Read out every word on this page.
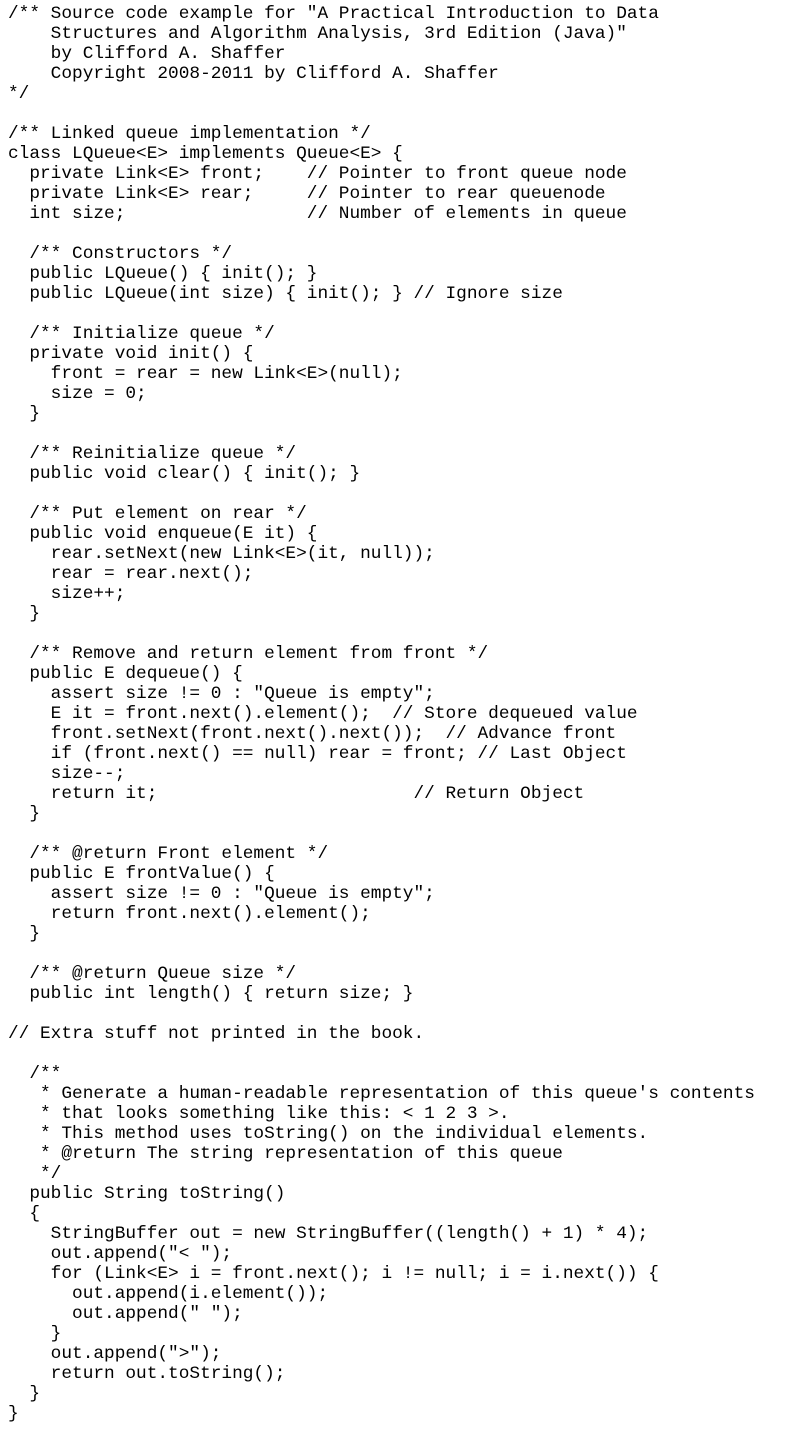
/** Source code example for "A Practical Introduction to Data
Structures and Algorithm Analysis, 3rd Edition (Java)"
by Clifford A. Shaffer
Copyright 2008-2011 by Clifford A. Shaffer
*/
/** Linked queue implementation */
class LQueue<E> implements Queue<E> {
private Link<E> front;    // Pointer to front queue node
private Link<E> rear;     // Pointer to rear queuenode
int size;                 // Number of elements in queue
/** Constructors */
public LQueue() { init(); }
public LQueue(int size) { init(); } // Ignore size
/** Initialize queue */
private void init() {
front = rear = new Link<E>(null);
size = 0;
}
/** Reinitialize queue */
public void clear() { init(); }
/** Put element on rear */
public void enqueue(E it) {
rear.setNext(new Link<E>(it, null));
rear = rear.next();
size++;
}
/** Remove and return element from front */
public E dequeue() {
assert size != 0 : "Queue is empty";
E it = front.next().element();  // Store dequeued value
front.setNext(front.next().next());  // Advance front
if (front.next() == null) rear = front; // Last Object
size--;
return it;                        // Return Object
}
/** @return Front element */
public E frontValue() {
assert size != 0 : "Queue is empty";
return front.next().element();
}
/** @return Queue size */
public int length() { return size; }
// Extra stuff not printed in the book.
/**
* Generate a human-readable representation of this queue's contents
* that looks something like this: < 1 2 3 >.
* This method uses toString() on the individual elements.
* @return The string representation of this queue
*/
public String toString()
{
StringBuffer out = new StringBuffer((length() + 1) * 4);
out.append("< ");
for (Link<E> i = front.next(); i != null; i = i.next()) {
out.append(i.element());
out.append(" ");
}
out.append(">");
return out.toString();
}
}
